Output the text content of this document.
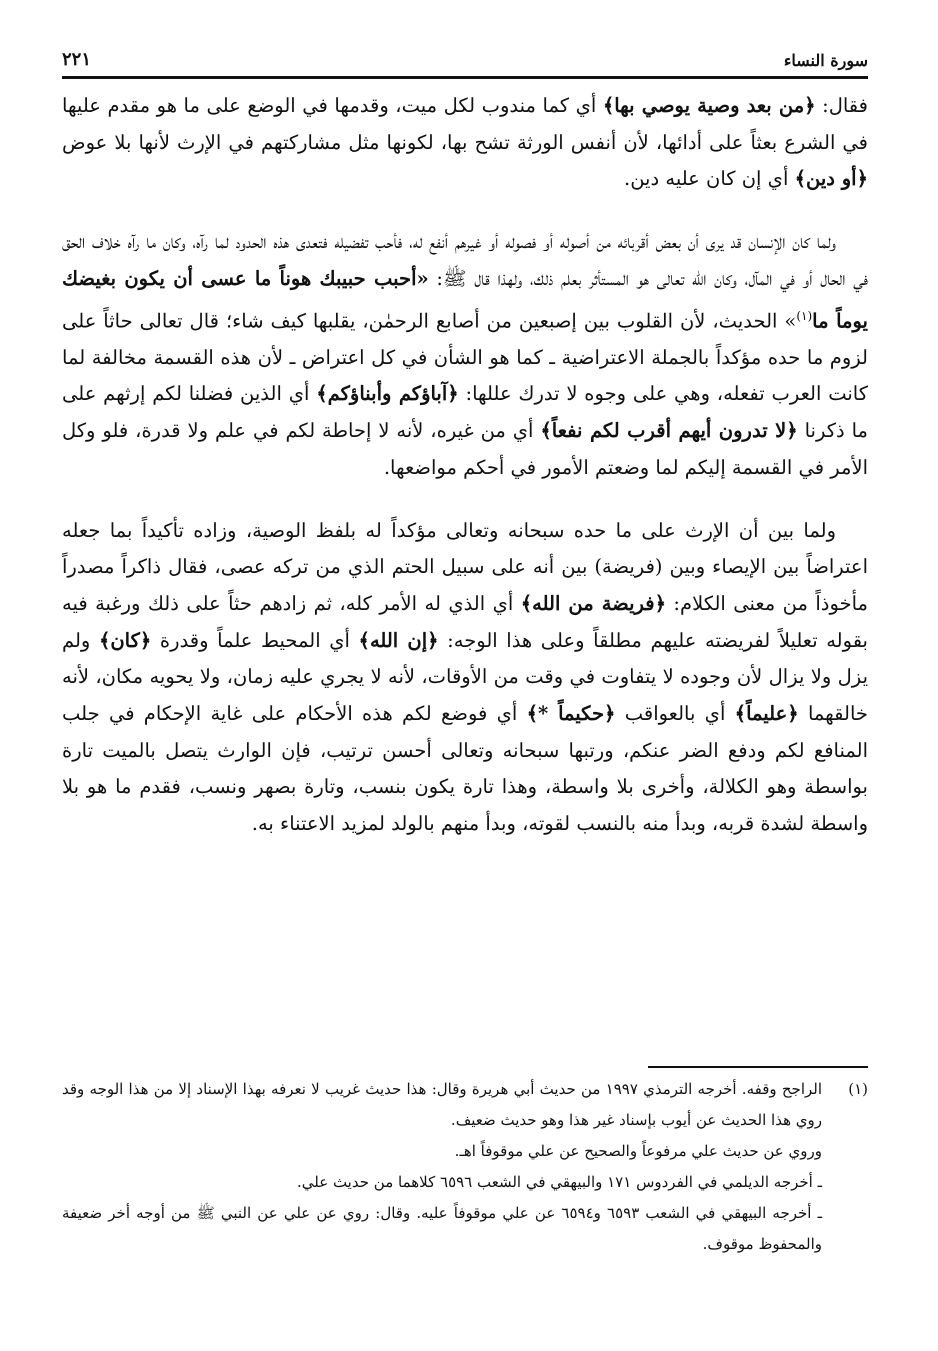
سورة النساء
٢٢١

فقال: ﴿من بعد وصية يوصي بها﴾ أي كما مندوب لكل ميت، وقدمها في الوضع على ما هو مقدم عليها في الشرع بعثاً على أدائها، لأن أنفس الورثة تشح بها، لكونها مثل مشاركتهم في الإرث لأنها بلا عوض ﴿أو دين﴾ أي إن كان عليه دين.

ولما كان الإنسان قد يرى أن بعض أقربائه من أصوله أو فصوله أو غيرهم أنفع له، فأحب تفضيله فتعدى هذه الحدود لما رآه، وكان ما رآه خلاف الحق في الحال أو في المآل، وكان الله تعالى هو المستأثر بعلم ذلك، ولهذا قال ﷺ: «أحبب حبيبك هوناً ما عسى أن يكون بغيضك يوماً ما$^{(١)}$» الحديث، لأن القلوب بين إصبعين من أصابع الرحمٰن، يقلبها كيف شاء؛ قال تعالى حاثاً على لزوم ما حده مؤكداً بالجملة الاعتراضية ـ كما هو الشأن في كل اعتراض ـ لأن هذه القسمة مخالفة لما كانت العرب تفعله، وهي على وجوه لا تدرك عللها: ﴿آباؤكم وأبناؤكم﴾ أي الذين فضلنا لكم إرثهم على ما ذكرنا ﴿لا تدرون أيهم أقرب لكم نفعاً﴾ أي من غيره، لأنه لا إحاطة لكم في علم ولا قدرة، فلو وكل الأمر في القسمة إليكم لما وضعتم الأمور في أحكم مواضعها.

ولما بين أن الإرث على ما حده سبحانه وتعالى مؤكداً له بلفظ الوصية، وزاده تأكيداً بما جعله اعتراضاً بين الإيصاء وبين (فريضة) بين أنه على سبيل الحتم الذي من تركه عصى، فقال ذاكراً مصدراً مأخوذاً من معنى الكلام: ﴿فريضة من الله﴾ أي الذي له الأمر كله، ثم زادهم حثاً على ذلك ورغبة فيه بقوله تعليلاً لفريضته عليهم مطلقاً وعلى هذا الوجه: ﴿إن الله﴾ أي المحيط علماً وقدرة ﴿كان﴾ ولم يزل ولا يزال لأن وجوده لا يتفاوت في وقت من الأوقات، لأنه لا يجري عليه زمان، ولا يحويه مكان، لأنه خالقهما ﴿عليماً﴾ أي بالعواقب ﴿حكيماً *﴾ أي فوضع لكم هذه الأحكام على غاية الإحكام في جلب المنافع لكم ودفع الضر عنكم، ورتبها سبحانه وتعالى أحسن ترتيب، فإن الوارث يتصل بالميت تارة بواسطة وهو الكلالة، وأخرى بلا واسطة، وهذا تارة يكون بنسب، وتارة بصهر ونسب، فقدم ما هو بلا واسطة لشدة قربه، وبدأ منه بالنسب لقوته، وبدأ منهم بالولد لمزيد الاعتناء به.

(١)
الراجح وقفه. أخرجه الترمذي ١٩٩٧ من حديث أبي هريرة وقال: هذا حديث غريب لا نعرفه بهذا الإسناد إلا من هذا الوجه وقد روي هذا الحديث عن أيوب بإسناد غير هذا وهو حديث ضعيف.

وروي عن حديث علي مرفوعاً والصحيح عن علي موقوفاً اهـ.

ـ أخرجه الديلمي في الفردوس ١٧١ والبيهقي في الشعب ٦٥٩٦ كلاهما من حديث علي.

ـ أخرجه البيهقي في الشعب ٦٥٩٣ و٦٥٩٤ عن علي موقوفاً عليه. وقال: روي عن علي عن النبي ﷺ من أوجه أخر ضعيفة والمحفوظ موقوف.
